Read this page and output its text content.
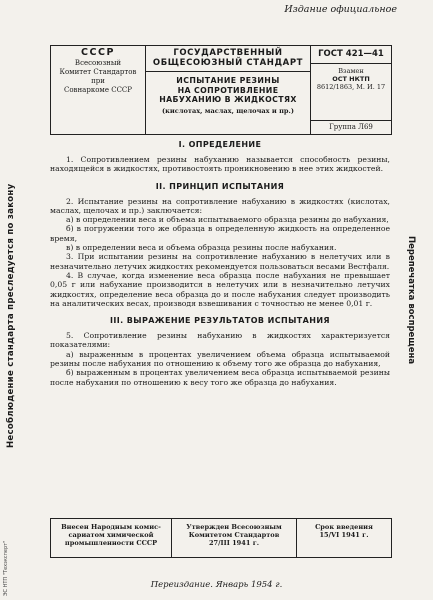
Издание официальное
СССР
Всесоюзный
Комитет Стандартов
при
Совнаркоме СССР
ГОСУДАРСТВЕННЫЙ
ОБЩЕСОЮЗНЫЙ СТАНДАРТ
ИСПЫТАНИЕ РЕЗИНЫ
НА СОПРОТИВЛЕНИЕ
НАБУХАНИЮ В ЖИДКОСТЯХ
(кислотах, маслах, щелочах и пр.)
ГОСТ 421—41
Взамен
ОСТ НКТП
8612/1863, М. И. 17
Группа Л69
Несоблюдение стандарта преследуется по закону	Перепечатка воспрещена
ЭС НТП "Техэксперт"
I. ОПРЕДЕЛЕНИЕ

1. Сопротивлением резины набуханию называется способность резины, находящейся в жидкостях, противостоять проникновению в нее этих жидкостей.

II. ПРИНЦИП ИСПЫТАНИЯ

2. Испытание резины на сопротивление набуханию в жидкостях (кислотах, маслах, щелочах и пр.) заключается:

а) в определении веса и объема испытываемого образца резины до набухания,

б) в погружении того же образца в определенную жидкость на определенное время,

в) в определении веса и объема образца резины после набухания.

3. При испытании резины на сопротивление набуханию в нелетучих или в незначительно летучих жидкостях рекомендуется пользоваться весами Вестфаля.

4. В случае, когда изменение веса образца после набухания не превышает 0,05 г или набухание производится в нелетучих или в незначительно летучих жидкостях, определение веса образца до и после набухания следует производить на аналитических весах, производя взвешивания с точностью не менее 0,01 г.

III. ВЫРАЖЕНИЕ РЕЗУЛЬТАТОВ ИСПЫТАНИЯ

5. Сопротивление резины набуханию в жидкостях характеризуется показателями:

а) выраженным в процентах увеличением объема образца испытываемой резины после набухания по отношению к объему того же образца до набухания,

б) выраженным в процентах увеличением веса образца испытываемой резины после набухания по отношению к весу того же образца до набухания.

Внесен Народным комис-
сариатом химической
промышленности СССР
Утвержден Всесоюзным
Комитетом Стандартов
27/III 1941 г.
Срок введения
15/VI 1941 г.
Переиздание. Январь 1954 г.
